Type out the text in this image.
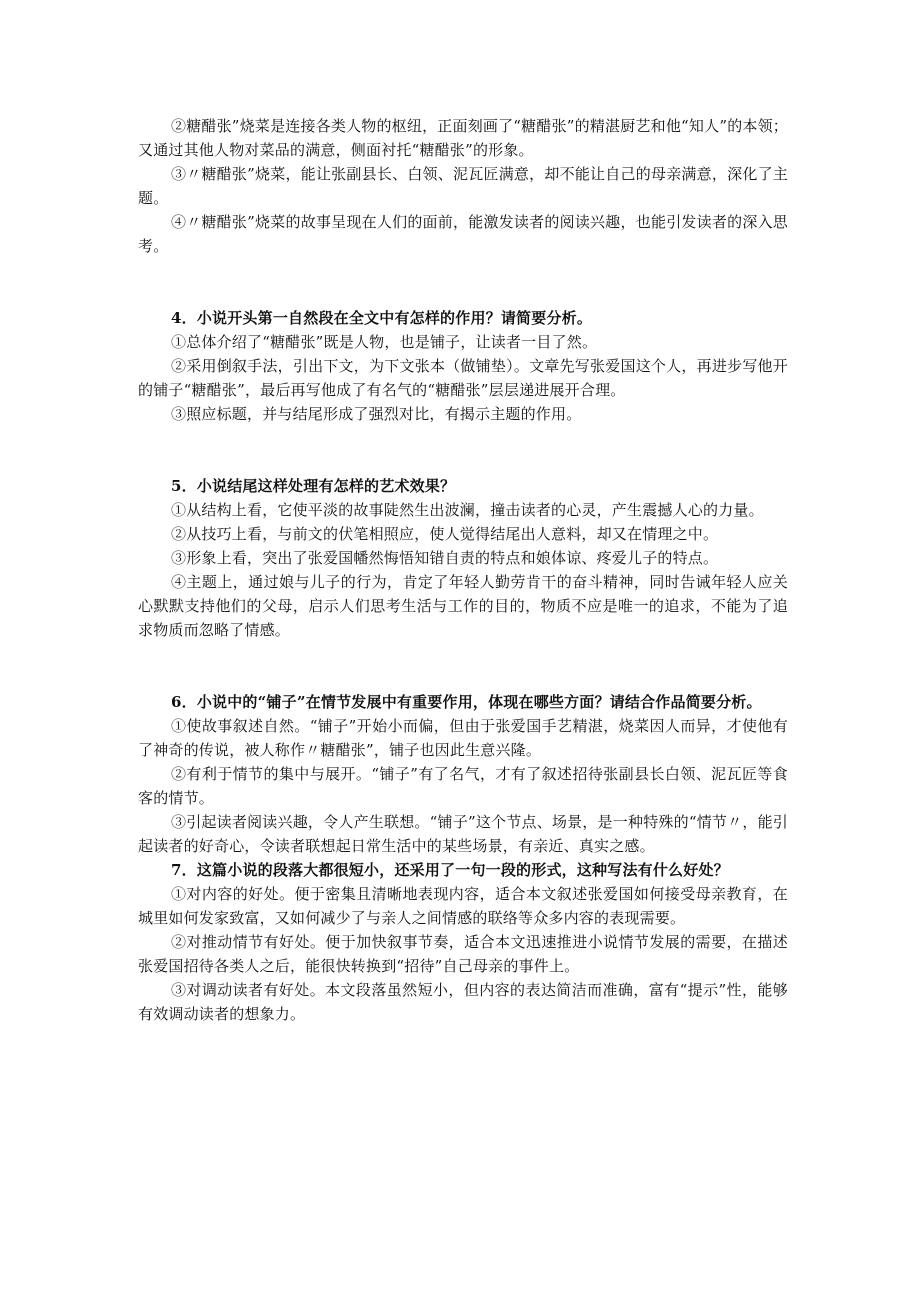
②糖醋张”烧菜是连接各类人物的枢纽，正面刻画了“糖醋张”的精湛厨艺和他“知人”的本领；又通过其他人物对菜品的满意，侧面衬托“糖醋张”的形象。

③〃糖醋张”烧菜，能让张副县长、白领、泥瓦匠满意，却不能让自己的母亲满意，深化了主题。

④〃糖醋张”烧菜的故事呈现在人们的面前，能激发读者的阅读兴趣，也能引发读者的深入思考。

4．小说开头第一自然段在全文中有怎样的作用？请简要分析。

①总体介绍了“糖醋张”既是人物，也是铺子，让读者一目了然。

②采用倒叙手法，引出下文，为下文张本（做铺垫）。文章先写张爱国这个人，再进步写他开的铺子“糖醋张”，最后再写他成了有名气的“糖醋张”层层递进展开合理。

③照应标题，并与结尾形成了强烈对比，有揭示主题的作用。

5．小说结尾这样处理有怎样的艺术效果？

①从结构上看，它使平淡的故事陡然生出波澜，撞击读者的心灵，产生震撼人心的力量。

②从技巧上看，与前文的伏笔相照应，使人觉得结尾出人意料，却又在情理之中。

③形象上看，突出了张爱国幡然悔悟知错自责的特点和娘体谅、疼爱儿子的特点。

④主题上，通过娘与儿子的行为，肯定了年轻人勤劳肯干的奋斗精神，同时告诫年轻人应关心默默支持他们的父母，启示人们思考生活与工作的目的，物质不应是唯一的追求，不能为了追求物质而忽略了情感。

6．小说中的“铺子”在情节发展中有重要作用，体现在哪些方面？请结合作品简要分析。

①使故事叙述自然。“铺子”开始小而偏，但由于张爱国手艺精湛，烧菜因人而异，才使他有了神奇的传说，被人称作〃糖醋张”，铺子也因此生意兴隆。

②有利于情节的集中与展开。“铺子”有了名气，才有了叙述招待张副县长白领、泥瓦匠等食客的情节。

③引起读者阅读兴趣，令人产生联想。“铺子”这个节点、场景，是一种特殊的“情节〃，能引起读者的好奇心，令读者联想起日常生活中的某些场景，有亲近、真实之感。

7．这篇小说的段落大都很短小，还采用了一句一段的形式，这种写法有什么好处？

①对内容的好处。便于密集且清晰地表现内容，适合本文叙述张爱国如何接受母亲教育，在城里如何发家致富，又如何减少了与亲人之间情感的联络等众多内容的表现需要。

②对推动情节有好处。便于加快叙事节奏，适合本文迅速推进小说情节发展的需要，在描述张爱国招待各类人之后，能很快转换到“招待”自己母亲的事件上。

③对调动读者有好处。本文段落虽然短小，但内容的表达简洁而准确，富有“提示”性，能够有效调动读者的想象力。
